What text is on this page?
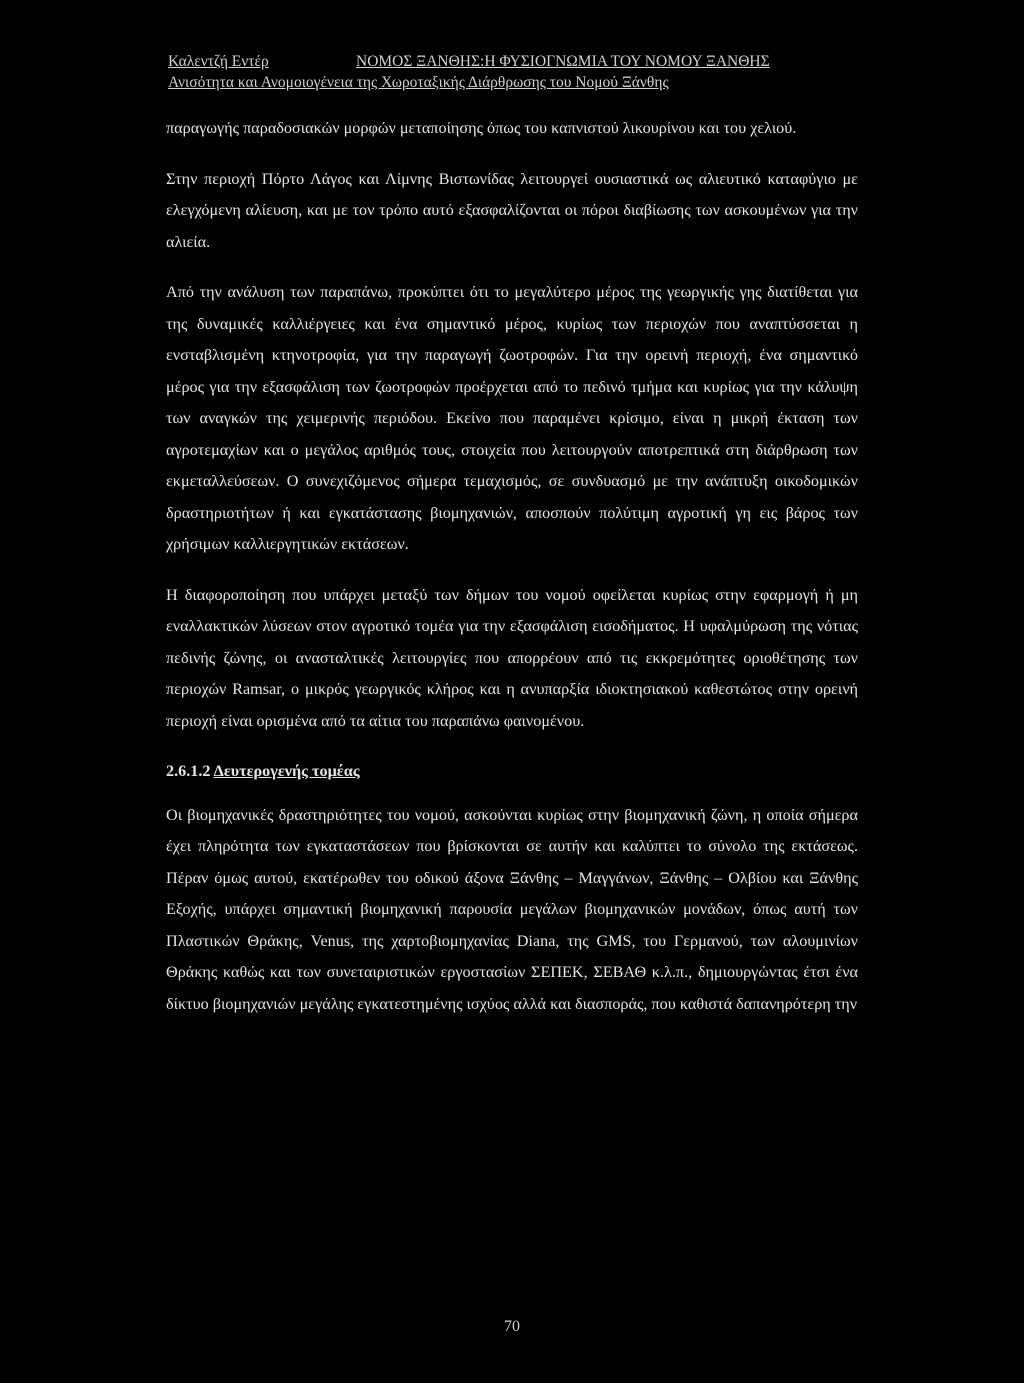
Καλεντζή Εντέρ	ΝΟΜΟΣ ΞΑΝΘΗΣ:Η ΦΥΣΙΟΓΝΩΜΙΑ ΤΟΥ ΝΟΜΟΥ ΞΑΝΘΗΣ
Ανισότητα και Ανομοιογένεια της Χωροταξικής Διάρθρωσης του Νομού Ξάνθης

παραγωγής παραδοσιακών μορφών μεταποίησης όπως του καπνιστού λικουρίνου και του χελιού.

Στην περιοχή Πόρτο Λάγος και Λίμνης Βιστωνίδας λειτουργεί ουσιαστικά ως αλιευτικό καταφύγιο με ελεγχόμενη αλίευση, και με τον τρόπο αυτό εξασφαλίζονται οι πόροι διαβίωσης των ασκουμένων για την αλιεία.

Από την ανάλυση των παραπάνω, προκύπτει ότι το μεγαλύτερο μέρος της γεωργικής γης διατίθεται για της δυναμικές καλλιέργειες και ένα σημαντικό μέρος, κυρίως των περιοχών που αναπτύσσεται η ενσταβλισμένη κτηνοτροφία, για την παραγωγή ζωοτροφών. Για την ορεινή περιοχή, ένα σημαντικό μέρος για την εξασφάλιση των ζωοτροφών προέρχεται από το πεδινό τμήμα και κυρίως για την κάλυψη των αναγκών της χειμερινής περιόδου. Εκείνο που παραμένει κρίσιμο, είναι η μικρή έκταση των αγροτεμαχίων και ο μεγάλος αριθμός τους, στοιχεία που λειτουργούν αποτρεπτικά στη διάρθρωση των εκμεταλλεύσεων. Ο συνεχιζόμενος σήμερα τεμαχισμός, σε συνδυασμό με την ανάπτυξη οικοδομικών δραστηριοτήτων ή και εγκατάστασης βιομηχανιών, αποσπούν πολύτιμη αγροτική γη εις βάρος των χρήσιμων καλλιεργητικών εκτάσεων.

Η διαφοροποίηση που υπάρχει μεταξύ των δήμων του νομού οφείλεται κυρίως στην εφαρμογή ή μη εναλλακτικών λύσεων στον αγροτικό τομέα για την εξασφάλιση εισοδήματος. Η υφαλμύρωση της νότιας πεδινής ζώνης, οι ανασταλτικές λειτουργίες που απορρέουν από τις εκκρεμότητες οριοθέτησης των περιοχών Ramsar, ο μικρός γεωργικός κλήρος και η ανυπαρξία ιδιοκτησιακού καθεστώτος στην ορεινή περιοχή είναι ορισμένα από τα αίτια του παραπάνω φαινομένου.

2.6.1.2 Δευτερογενής τομέας

Οι βιομηχανικές δραστηριότητες του νομού, ασκούνται κυρίως στην βιομηχανική ζώνη, η οποία σήμερα έχει πληρότητα των εγκαταστάσεων που βρίσκονται σε αυτήν και καλύπτει το σύνολο της εκτάσεως. Πέραν όμως αυτού, εκατέρωθεν του οδικού άξονα Ξάνθης – Μαγγάνων, Ξάνθης – Ολβίου και Ξάνθης Εξοχής, υπάρχει σημαντική βιομηχανική παρουσία μεγάλων βιομηχανικών μονάδων, όπως αυτή των Πλαστικών Θράκης, Venus, της χαρτοβιομηχανίας Diana, της GMS, του Γερμανού, των αλουμινίων Θράκης καθώς και των συνεταιριστικών εργοστασίων ΣΕΠΕΚ, ΣΕΒΑΘ κ.λ.π., δημιουργώντας έτσι ένα δίκτυο βιομηχανιών μεγάλης εγκατεστημένης ισχύος αλλά και διασποράς, που καθιστά δαπανηρότερη την

70
